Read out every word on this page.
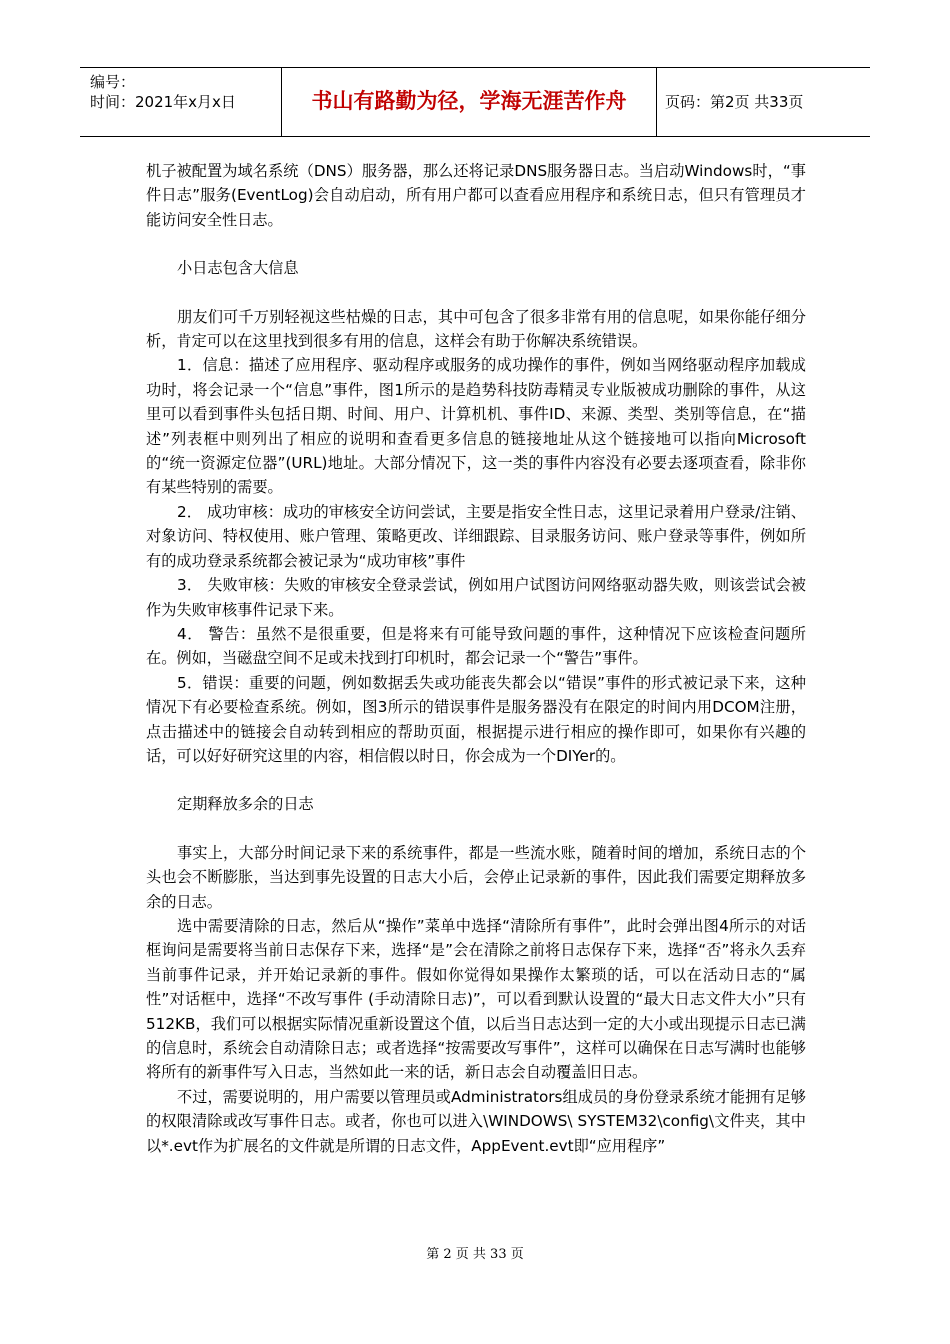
编号：
时间：2021年x月x日	书山有路勤为径，学海无涯苦作舟	页码：第2页 共33页

机子被配置为域名系统（DNS）服务器，那么还将记录DNS服务器日志。当启动Windows时，“事件日志”服务(EventLog)会自动启动，所有用户都可以查看应用程序和系统日志，但只有管理员才能访问安全性日志。

小日志包含大信息

朋友们可千万别轻视这些枯燥的日志，其中可包含了很多非常有用的信息呢，如果你能仔细分析，肯定可以在这里找到很多有用的信息，这样会有助于你解决系统错误。

1．信息：描述了应用程序、驱动程序或服务的成功操作的事件，例如当网络驱动程序加载成功时，将会记录一个“信息”事件，图1所示的是趋势科技防毒精灵专业版被成功删除的事件，从这里可以看到事件头包括日期、时间、用户、计算机机、事件ID、来源、类型、类别等信息，在“描述”列表框中则列出了相应的说明和查看更多信息的链接地址从这个链接地可以指向Microsoft的“统一资源定位器”(URL)地址。大部分情况下，这一类的事件内容没有必要去逐项查看，除非你有某些特别的需要。

2． 成功审核：成功的审核安全访问尝试，主要是指安全性日志，这里记录着用户登录/注销、对象访问、特权使用、账户管理、策略更改、详细跟踪、目录服务访问、账户登录等事件，例如所有的成功登录系统都会被记录为“成功审核”事件

3． 失败审核：失败的审核安全登录尝试，例如用户试图访问网络驱动器失败，则该尝试会被作为失败审核事件记录下来。

4． 警告：虽然不是很重要，但是将来有可能导致问题的事件，这种情况下应该检查问题所在。例如，当磁盘空间不足或未找到打印机时，都会记录一个“警告”事件。

5．错误：重要的问题，例如数据丢失或功能丧失都会以“错误”事件的形式被记录下来，这种情况下有必要检查系统。例如，图3所示的错误事件是服务器没有在限定的时间内用DCOM注册，点击描述中的链接会自动转到相应的帮助页面，根据提示进行相应的操作即可，如果你有兴趣的话，可以好好研究这里的内容，相信假以时日，你会成为一个DIYer的。

定期释放多余的日志

事实上，大部分时间记录下来的系统事件，都是一些流水账，随着时间的增加，系统日志的个头也会不断膨胀，当达到事先设置的日志大小后，会停止记录新的事件，因此我们需要定期释放多余的日志。

选中需要清除的日志，然后从“操作”菜单中选择“清除所有事件”，此时会弹出图4所示的对话框询问是需要将当前日志保存下来，选择“是”会在清除之前将日志保存下来，选择“否”将永久丢弃当前事件记录，并开始记录新的事件。假如你觉得如果操作太繁琐的话，可以在活动日志的“属性”对话框中，选择“不改写事件 (手动清除日志)”，可以看到默认设置的“最大日志文件大小”只有512KB，我们可以根据实际情况重新设置这个值，以后当日志达到一定的大小或出现提示日志已满的信息时，系统会自动清除日志；或者选择“按需要改写事件”，这样可以确保在日志写满时也能够将所有的新事件写入日志，当然如此一来的话，新日志会自动覆盖旧日志。

不过，需要说明的，用户需要以管理员或Administrators组成员的身份登录系统才能拥有足够的权限清除或改写事件日志。或者，你也可以进入\WINDOWS\ SYSTEM32\config\文件夹，其中以*.evt作为扩展名的文件就是所谓的日志文件，AppEvent.evt即“应用程序”

第 2 页 共 33 页
